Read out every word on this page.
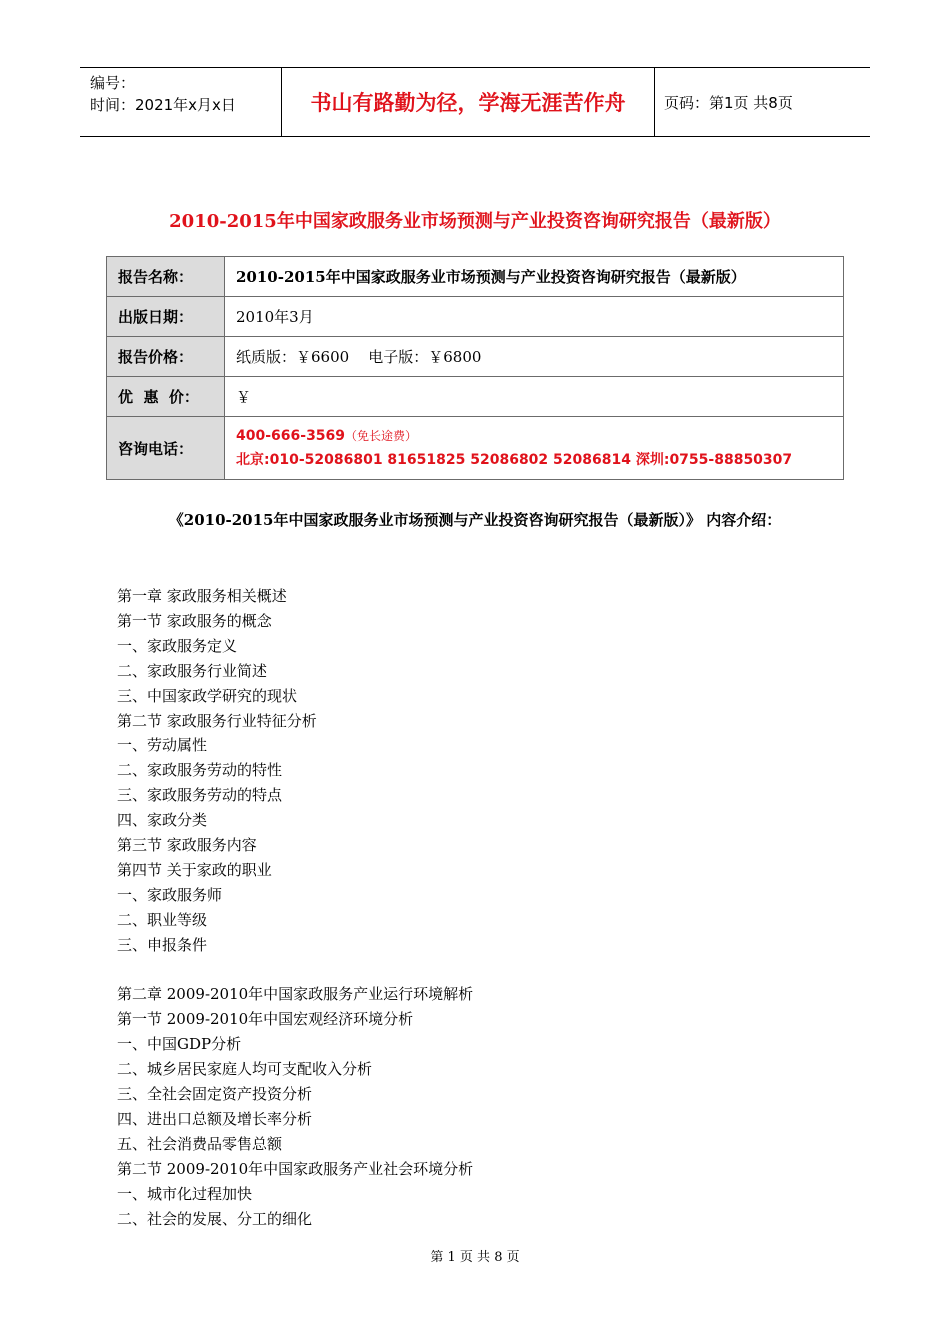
编号：
时间：2021年x月x日	书山有路勤为径，学海无涯苦作舟	页码：第1页 共8页
2010-2015年中国家政服务业市场预测与产业投资咨询研究报告（最新版）
报告名称：	2010-2015年中国家政服务业市场预测与产业投资咨询研究报告（最新版）
出版日期：	2010年3月
报告价格：	纸质版：￥6600    电子版：￥6800
优  惠  价：	￥
咨询电话：	400-666-3569（免长途费）
北京:010-52086801 81651825 52086802 52086814 深圳:0755-88850307
《2010-2015年中国家政服务业市场预测与产业投资咨询研究报告（最新版）》 内容介绍：
第一章 家政服务相关概述
第一节 家政服务的概念
一、家政服务定义
二、家政服务行业简述
三、中国家政学研究的现状
第二节 家政服务行业特征分析
一、劳动属性
二、家政服务劳动的特性
三、家政服务劳动的特点
四、家政分类
第三节 家政服务内容
第四节 关于家政的职业
一、家政服务师
二、职业等级
三、申报条件
第二章 2009-2010年中国家政服务产业运行环境解析
第一节 2009-2010年中国宏观经济环境分析
一、中国GDP分析
二、城乡居民家庭人均可支配收入分析
三、全社会固定资产投资分析
四、进出口总额及增长率分析
五、社会消费品零售总额
第二节 2009-2010年中国家政服务产业社会环境分析
一、城市化过程加快
二、社会的发展、分工的细化
第 1 页 共 8 页
